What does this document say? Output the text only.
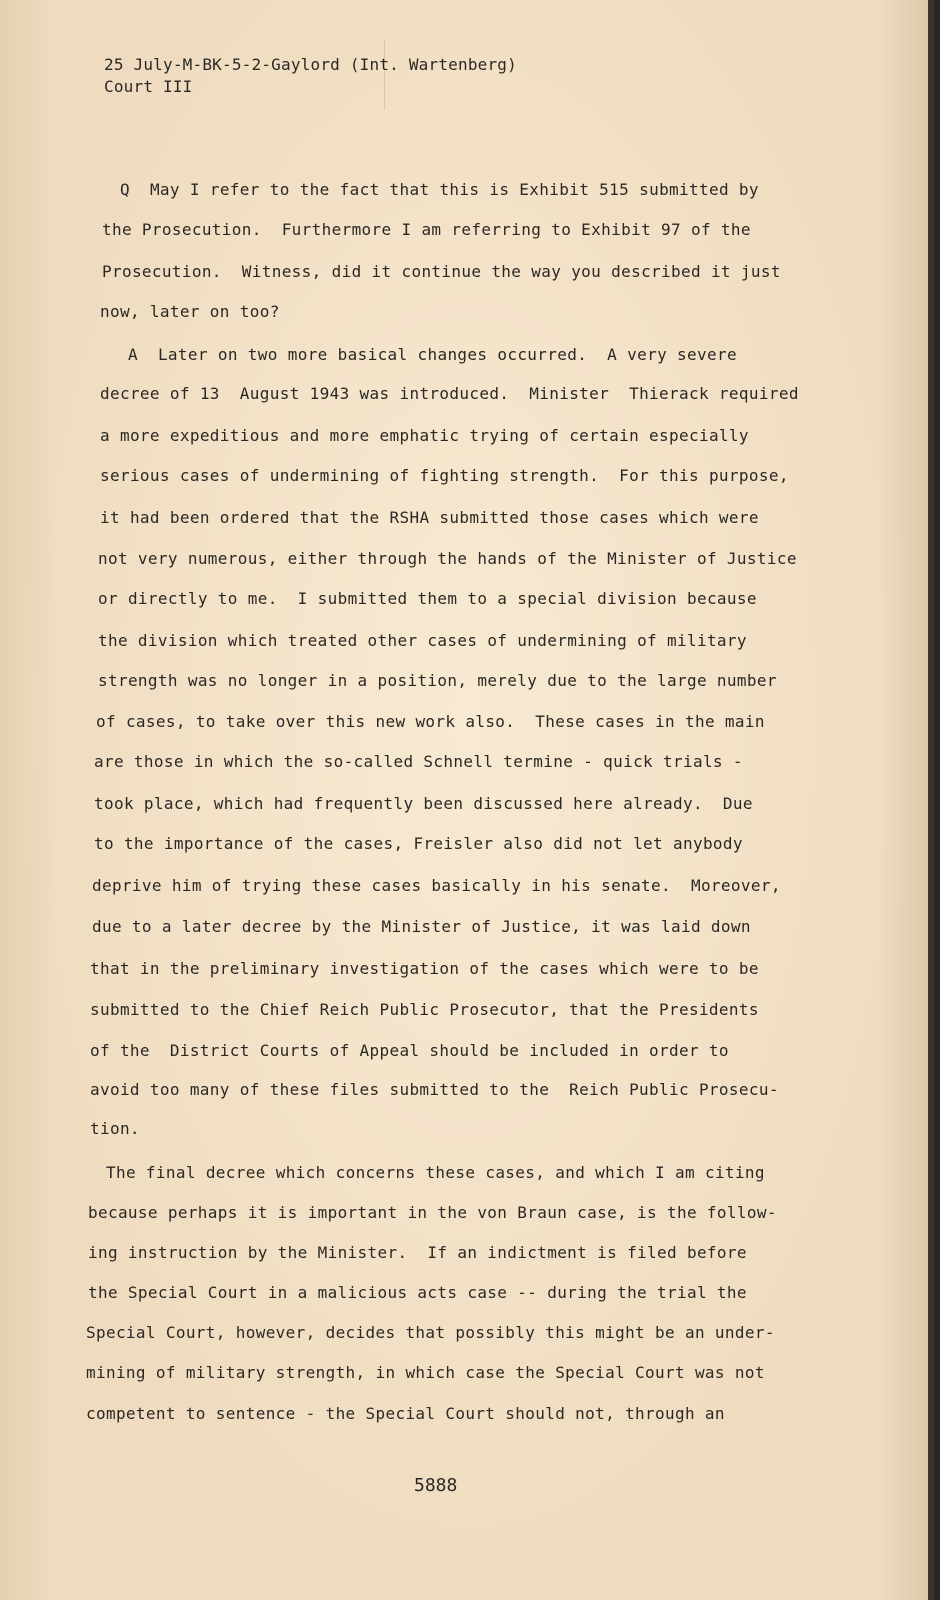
25 July-M-BK-5-2-Gaylord (Int. Wartenberg)
Court III
Q  May I refer to the fact that this is Exhibit 515 submitted by
the Prosecution.  Furthermore I am referring to Exhibit 97 of the
Prosecution.  Witness, did it continue the way you described it just
now, later on too?
A  Later on two more basical changes occurred.  A very severe
decree of 13  August 1943 was introduced.  Minister  Thierack required
a more expeditious and more emphatic trying of certain especially
serious cases of undermining of fighting strength.  For this purpose,
it had been ordered that the RSHA submitted those cases which were
not very numerous, either through the hands of the Minister of Justice
or directly to me.  I submitted them to a special division because
the division which treated other cases of undermining of military
strength was no longer in a position, merely due to the large number
of cases, to take over this new work also.  These cases in the main
are those in which the so-called Schnell termine - quick trials -
took place, which had frequently been discussed here already.  Due
to the importance of the cases, Freisler also did not let anybody
deprive him of trying these cases basically in his senate.  Moreover,
due to a later decree by the Minister of Justice, it was laid down
that in the preliminary investigation of the cases which were to be
submitted to the Chief Reich Public Prosecutor, that the Presidents
of the  District Courts of Appeal should be included in order to
avoid too many of these files submitted to the  Reich Public Prosecu-
tion.
The final decree which concerns these cases, and which I am citing
because perhaps it is important in the von Braun case, is the follow-
ing instruction by the Minister.  If an indictment is filed before
the Special Court in a malicious acts case -- during the trial the
Special Court, however, decides that possibly this might be an under-
mining of military strength, in which case the Special Court was not
competent to sentence - the Special Court should not, through an
5888
